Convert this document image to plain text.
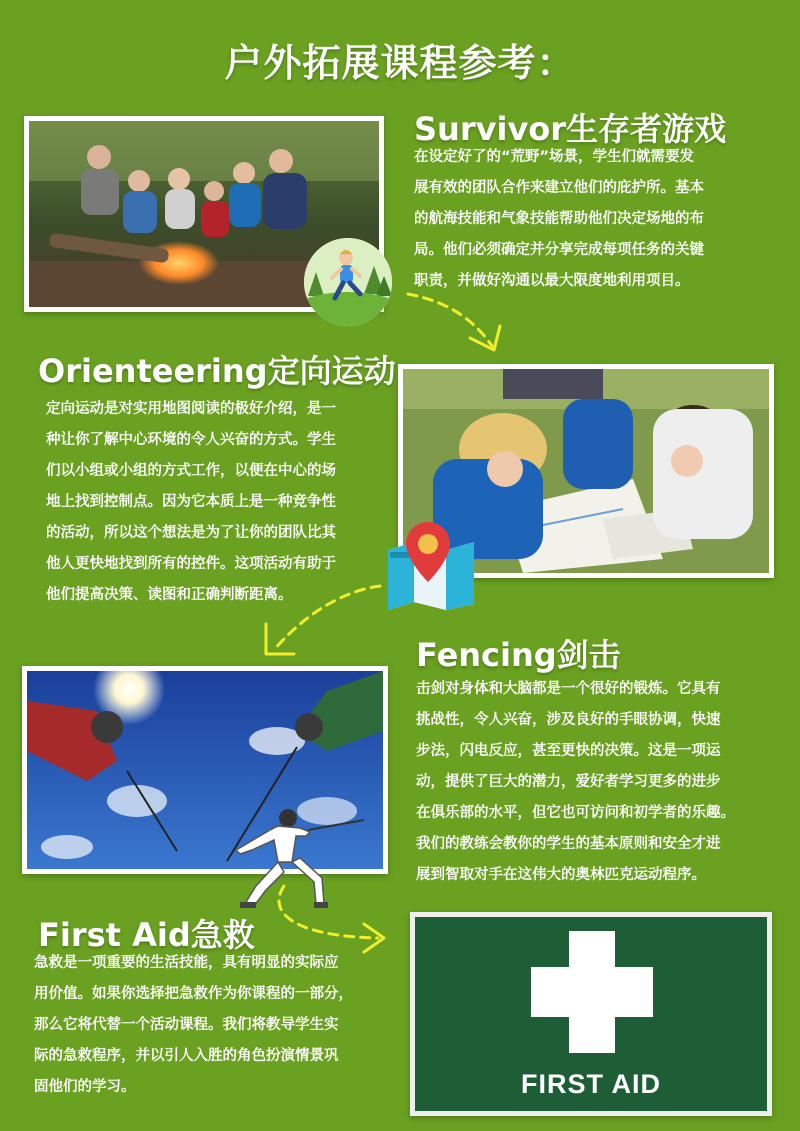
户外拓展课程参考：
Survivor生存者游戏
在设定好了的“荒野”场景，学生们就需要发
展有效的团队合作来建立他们的庇护所。基本
的航海技能和气象技能帮助他们决定场地的布
局。他们必须确定并分享完成每项任务的关键
职责，并做好沟通以最大限度地利用项目。
Orienteering定向运动
定向运动是对实用地图阅读的极好介绍，是一
种让你了解中心环境的令人兴奋的方式。学生
们以小组或小组的方式工作，以便在中心的场
地上找到控制点。因为它本质上是一种竞争性
的活动，所以这个想法是为了让你的团队比其
他人更快地找到所有的控件。这项活动有助于
他们提高决策、读图和正确判断距离。
Fencing剑击
击剑对身体和大脑都是一个很好的锻炼。它具有
挑战性，令人兴奋，涉及良好的手眼协调，快速
步法，闪电反应，甚至更快的决策。这是一项运
动，提供了巨大的潜力，爱好者学习更多的进步
在俱乐部的水平，但它也可访问和初学者的乐趣。
我们的教练会教你的学生的基本原则和安全才进
展到智取对手在这伟大的奥林匹克运动程序。
First Aid急救
急救是一项重要的生活技能，具有明显的实际应
用价值。如果你选择把急救作为你课程的一部分，
那么它将代替一个活动课程。我们将教导学生实
际的急救程序，并以引人入胜的角色扮演情景巩
固他们的学习。	FIRST AID
